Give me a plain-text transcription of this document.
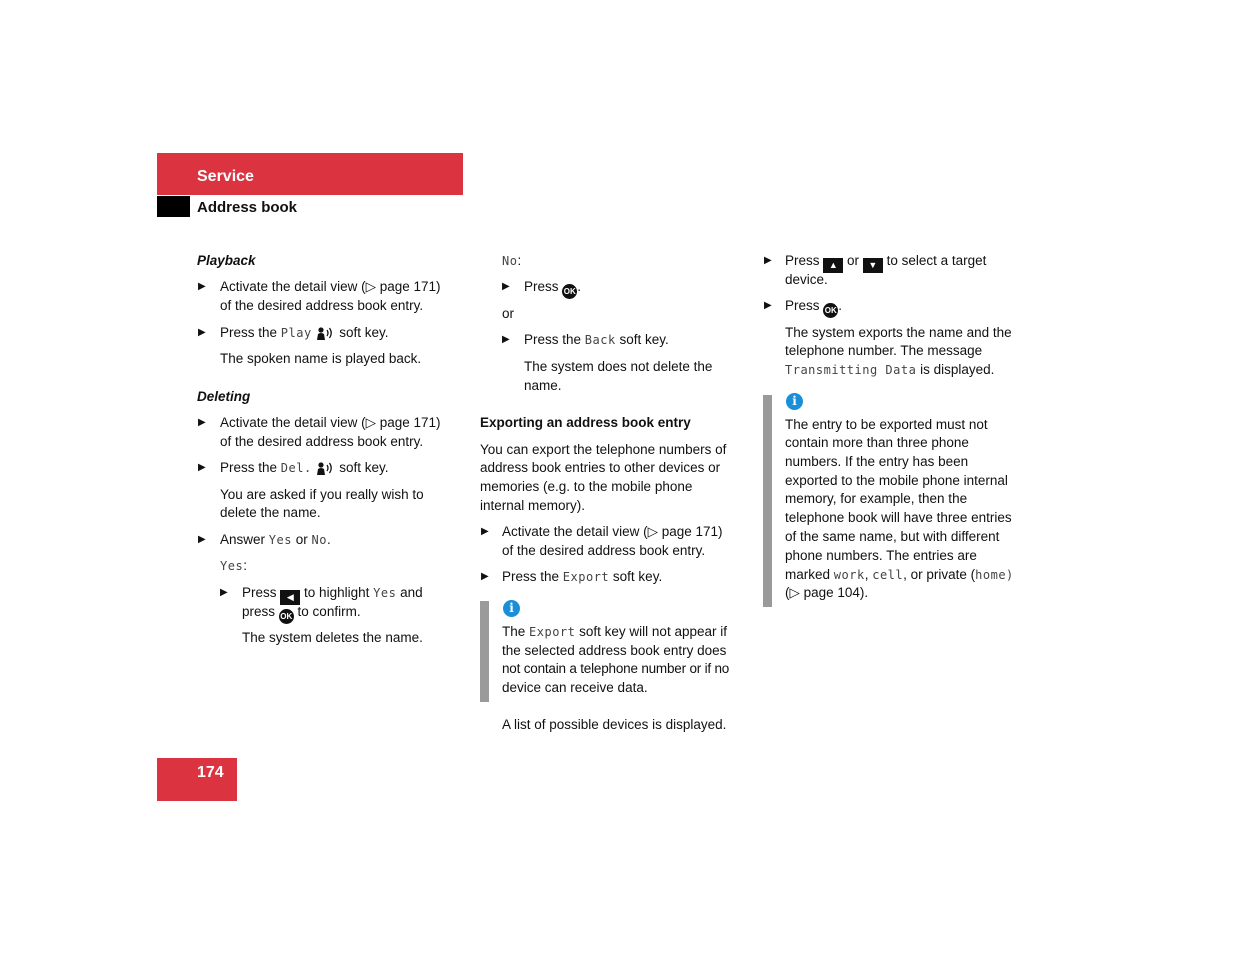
Service
Address book
Playback
▶ Activate the detail view (▷ page 171)
of the desired address book entry.
▶ Press the Play soft key.
The spoken name is played back.
Deleting
▶ Activate the detail view (▷ page 171)
of the desired address book entry.
▶ Press the Del. soft key.
You are asked if you really wish to
delete the name.
▶ Answer Yes or No.
Yes:
▶ Press ◀ to highlight Yes and
press OK to confirm.
The system deletes the name.
No:
▶ Press OK .
or
▶ Press the Back soft key.
The system does not delete the
name.
Exporting an address book entry
You can export the telephone numbers of
address book entries to other devices or
memories (e.g. to the mobile phone
internal memory).
▶ Activate the detail view (▷ page 171)
of the desired address book entry.
▶ Press the Export soft key.
i
The Export soft key will not appear if
the selected address book entry does
not contain a telephone number or if no
device can receive data.
A list of possible devices is displayed.
▶ Press ▲ or ▼ to select a target
device.
▶ Press OK .
The system exports the name and the
telephone number. The message
Transmitting Data is displayed.
i
The entry to be exported must not
contain more than three phone
numbers. If the entry has been
exported to the mobile phone internal
memory, for example, then the
telephone book will have three entries
of the same name, but with different
phone numbers. The entries are
marked work, cell, or private (home)
(▷ page 104).
174
